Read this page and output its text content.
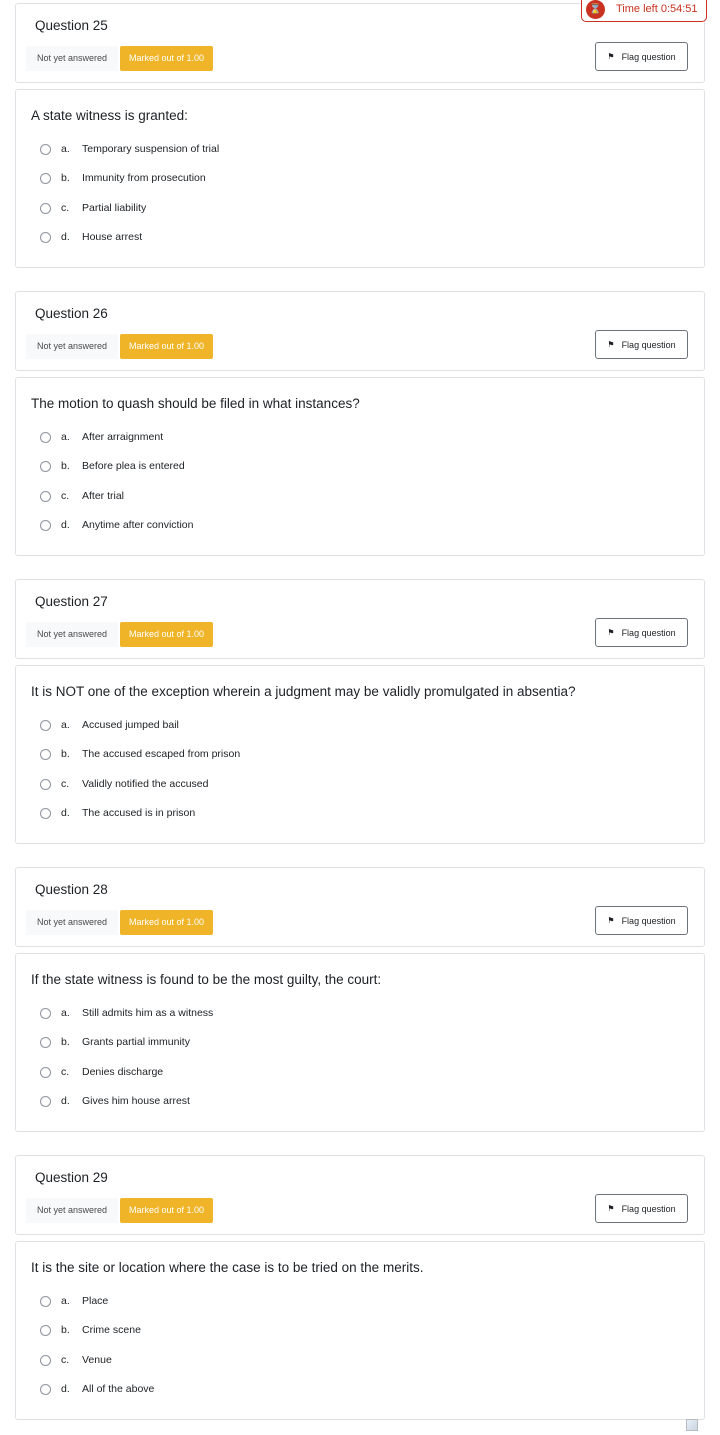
⌛ Time left 0:54:51
Question 25
Not yet answered	Marked out of 1.00	⚑ Flag question
A state witness is granted:
a.	Temporary suspension of trial
b.	Immunity from prosecution
c.	Partial liability
d.	House arrest
Question 26
Not yet answered	Marked out of 1.00	⚑ Flag question
The motion to quash should be filed in what instances?
a.	After arraignment
b.	Before plea is entered
c.	After trial
d.	Anytime after conviction
Question 27
Not yet answered	Marked out of 1.00	⚑ Flag question
It is NOT one of the exception wherein a judgment may be validly promulgated in absentia?
a.	Accused jumped bail
b.	The accused escaped from prison
c.	Validly notified the accused
d.	The accused is in prison
Question 28
Not yet answered	Marked out of 1.00	⚑ Flag question
If the state witness is found to be the most guilty, the court:
a.	Still admits him as a witness
b.	Grants partial immunity
c.	Denies discharge
d.	Gives him house arrest
Question 29
Not yet answered	Marked out of 1.00	⚑ Flag question
It is the site or location where the case is to be tried on the merits.
a.	Place
b.	Crime scene
c.	Venue
d.	All of the above
